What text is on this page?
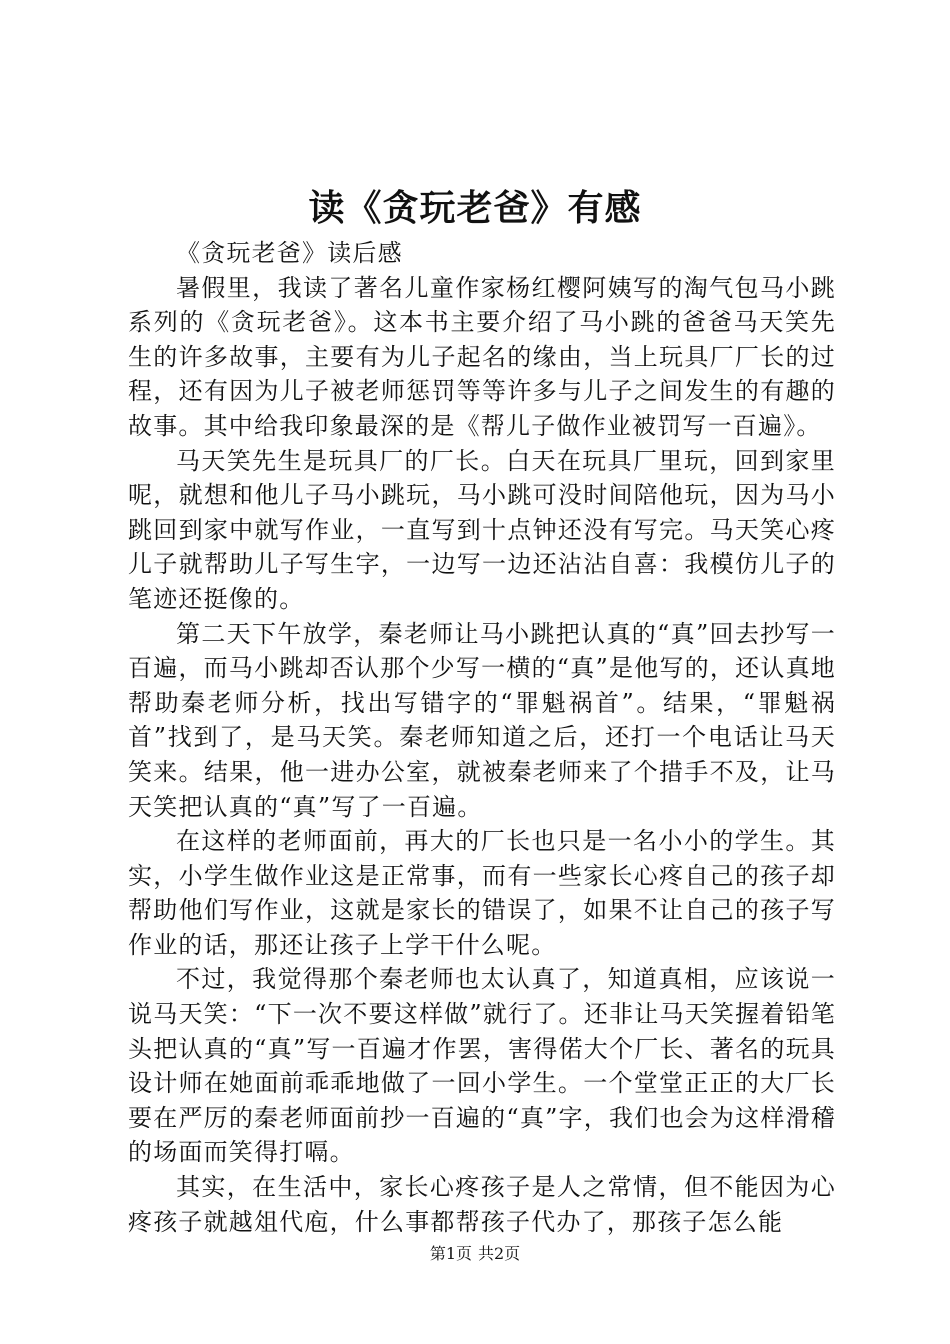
读《贪玩老爸》有感

《贪玩老爸》读后感

暑假里，我读了著名儿童作家杨红樱阿姨写的淘气包马小跳系列的《贪玩老爸》。这本书主要介绍了马小跳的爸爸马天笑先生的许多故事，主要有为儿子起名的缘由，当上玩具厂厂长的过程，还有因为儿子被老师惩罚等等许多与儿子之间发生的有趣的故事。其中给我印象最深的是《帮儿子做作业被罚写一百遍》。

马天笑先生是玩具厂的厂长。白天在玩具厂里玩，回到家里呢，就想和他儿子马小跳玩，马小跳可没时间陪他玩，因为马小跳回到家中就写作业，一直写到十点钟还没有写完。马天笑心疼儿子就帮助儿子写生字，一边写一边还沾沾自喜：我模仿儿子的笔迹还挺像的。

第二天下午放学，秦老师让马小跳把认真的“真”回去抄写一百遍，而马小跳却否认那个少写一横的“真”是他写的，还认真地帮助秦老师分析，找出写错字的“罪魁祸首”。结果，“罪魁祸首”找到了，是马天笑。秦老师知道之后，还打一个电话让马天笑来。结果，他一进办公室，就被秦老师来了个措手不及，让马天笑把认真的“真”写了一百遍。

在这样的老师面前，再大的厂长也只是一名小小的学生。其实，小学生做作业这是正常事，而有一些家长心疼自己的孩子却帮助他们写作业，这就是家长的错误了，如果不让自己的孩子写作业的话，那还让孩子上学干什么呢。

不过，我觉得那个秦老师也太认真了，知道真相，应该说一说马天笑：“下一次不要这样做”就行了。还非让马天笑握着铅笔头把认真的“真”写一百遍才作罢，害得偌大个厂长、著名的玩具设计师在她面前乖乖地做了一回小学生。一个堂堂正正的大厂长要在严厉的秦老师面前抄一百遍的“真”字，我们也会为这样滑稽的场面而笑得打嗝。

其实，在生活中，家长心疼孩子是人之常情，但不能因为心疼孩子就越俎代庖，什么事都帮孩子代办了，那孩子怎么能

第1页 共2页
